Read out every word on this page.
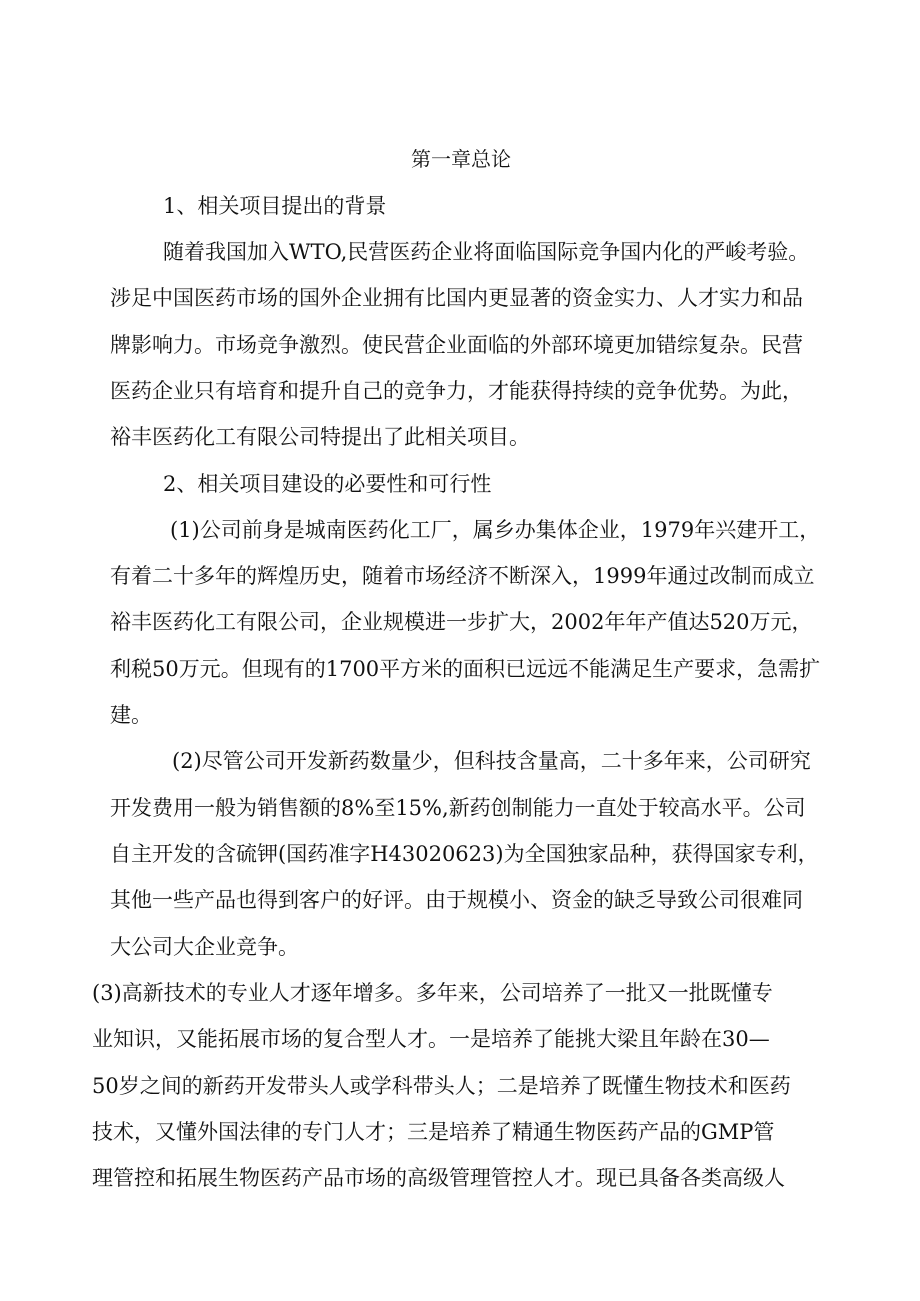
第一章总论
1、相关项目提出的背景
随着我国加入WTO,民营医药企业将面临国际竞争国内化的严峻考验。
涉足中国医药市场的国外企业拥有比国内更显著的资金实力、人才实力和品
牌影响力。市场竞争激烈。使民营企业面临的外部环境更加错综复杂。民营
医药企业只有培育和提升自己的竞争力，才能获得持续的竞争优势。为此，
裕丰医药化工有限公司特提出了此相关项目。
2、相关项目建设的必要性和可行性
(1)公司前身是城南医药化工厂，属乡办集体企业，1979年兴建开工，
有着二十多年的辉煌历史，随着市场经济不断深入，1999年通过改制而成立
裕丰医药化工有限公司，企业规模进一步扩大，2002年年产值达520万元，
利税50万元。但现有的1700平方米的面积已远远不能满足生产要求，急需扩
建。
(2)尽管公司开发新药数量少，但科技含量高，二十多年来，公司研究
开发费用一般为销售额的8%至15%,新药创制能力一直处于较高水平。公司
自主开发的含硫钾(国药准字H43020623)为全国独家品种，获得国家专利，
其他一些产品也得到客户的好评。由于规模小、资金的缺乏导致公司很难同
大公司大企业竞争。
(3)高新技术的专业人才逐年增多。多年来，公司培养了一批又一批既懂专
业知识，又能拓展市场的复合型人才。一是培养了能挑大梁且年龄在30—
50岁之间的新药开发带头人或学科带头人；二是培养了既懂生物技术和医药
技术，又懂外国法律的专门人才；三是培养了精通生物医药产品的GMP管
理管控和拓展生物医药产品市场的高级管理管控人才。现已具备各类高级人
